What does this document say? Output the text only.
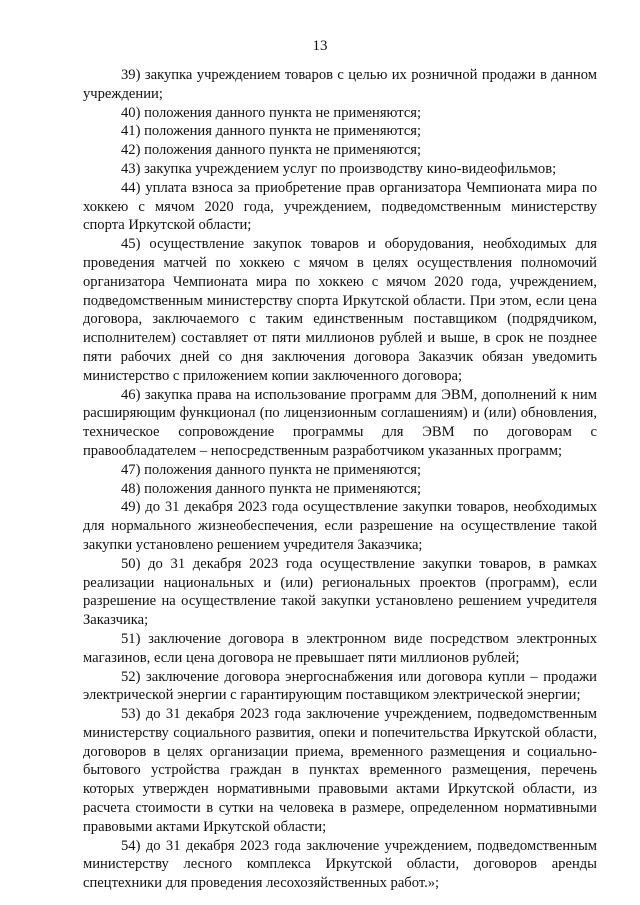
13

39) закупка учреждением товаров с целью их розничной продажи в данном учреждении;

40) положения данного пункта не применяются;

41) положения данного пункта не применяются;

42) положения данного пункта не применяются;

43) закупка учреждением услуг по производству кино-видеофильмов;

44) уплата взноса за приобретение прав организатора Чемпионата мира по хоккею с мячом 2020 года, учреждением, подведомственным министерству спорта Иркутской области;

45) осуществление закупок товаров и оборудования, необходимых для проведения матчей по хоккею с мячом в целях осуществления полномочий организатора Чемпионата мира по хоккею с мячом 2020 года, учреждением, подведомственным министерству спорта Иркутской области. При этом, если цена договора, заключаемого с таким единственным поставщиком (подрядчиком, исполнителем) составляет от пяти миллионов рублей и выше, в срок не позднее пяти рабочих дней со дня заключения договора Заказчик обязан уведомить министерство с приложением копии заключенного договора;

46) закупка права на использование программ для ЭВМ, дополнений к ним расширяющим функционал (по лицензионным соглашениям) и (или) обновления, техническое сопровождение программы для ЭВМ по договорам с правообладателем – непосредственным разработчиком указанных программ;

47) положения данного пункта не применяются;

48) положения данного пункта не применяются;

49) до 31 декабря 2023 года осуществление закупки товаров, необходимых для нормального жизнеобеспечения, если разрешение на осуществление такой закупки установлено решением учредителя Заказчика;

50) до 31 декабря 2023 года осуществление закупки товаров, в рамках реализации национальных и (или) региональных проектов (программ), если разрешение на осуществление такой закупки установлено решением учредителя Заказчика;

51) заключение договора в электронном виде посредством электронных магазинов, если цена договора не превышает пяти миллионов рублей;

52) заключение договора энергоснабжения или договора купли – продажи электрической энергии с гарантирующим поставщиком электрической энергии;

53) до 31 декабря 2023 года заключение учреждением, подведомственным министерству социального развития, опеки и попечительства Иркутской области, договоров в целях организации приема, временного размещения и социально-бытового устройства граждан в пунктах временного размещения, перечень которых утвержден нормативными правовыми актами Иркутской области, из расчета стоимости в сутки на человека в размере, определенном нормативными правовыми актами Иркутской области;

54) до 31 декабря 2023 года заключение учреждением, подведомственным министерству лесного комплекса Иркутской области, договоров аренды спецтехники для проведения лесохозяйственных работ.»;
